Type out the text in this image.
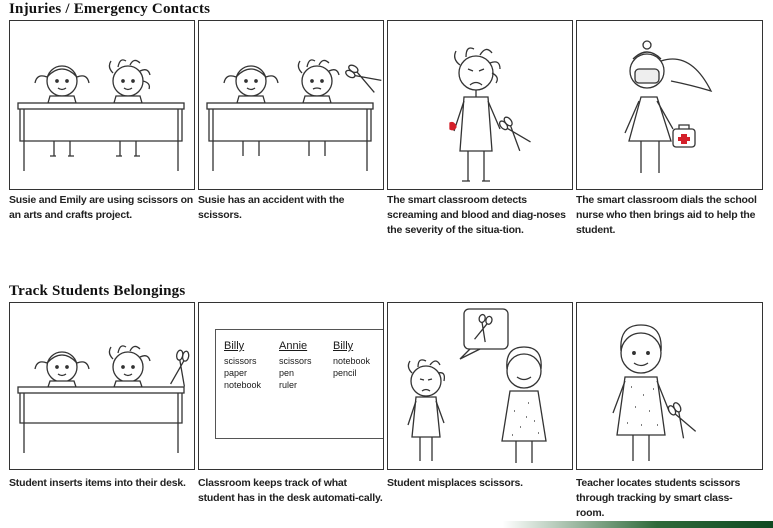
Injuries / Emergency Contacts
Susie and Emily are using scissors on an arts and crafts project.
Susie has an accident with the scissors.
The smart classroom detects screaming and blood and diag-noses the severity of the situa-tion.
The smart classroom dials the school nurse who then brings aid to help the student.
Track Students Belongings
Student inserts items into their desk.
Billy
scissors
paper
notebook
Annie
scissors
pen
ruler
Billy
notebook
pencil
Classroom keeps track of what student has in the desk automati-cally.
Student misplaces scissors.	Teacher locates students scissors through tracking by smart class-room.
